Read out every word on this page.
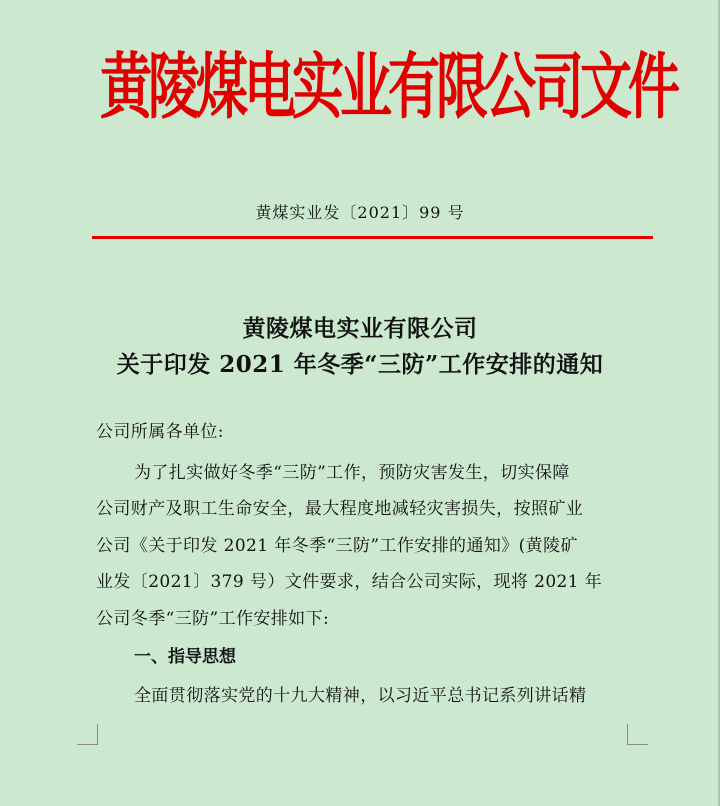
黄陵煤电实业有限公司文件
黄煤实业发〔2021〕99 号
黄陵煤电实业有限公司
关于印发 2021 年冬季“三防”工作安排的通知
公司所属各单位:
为了扎实做好冬季“三防”工作，预防灾害发生，切实保障
公司财产及职工生命安全，最大程度地减轻灾害损失，按照矿业
公司《关于印发 2021 年冬季“三防”工作安排的通知》(黄陵矿
业发〔2021〕379 号）文件要求，结合公司实际，现将 2021 年
公司冬季“三防”工作安排如下:
一、指导思想
全面贯彻落实党的十九大精神，以习近平总书记系列讲话精
